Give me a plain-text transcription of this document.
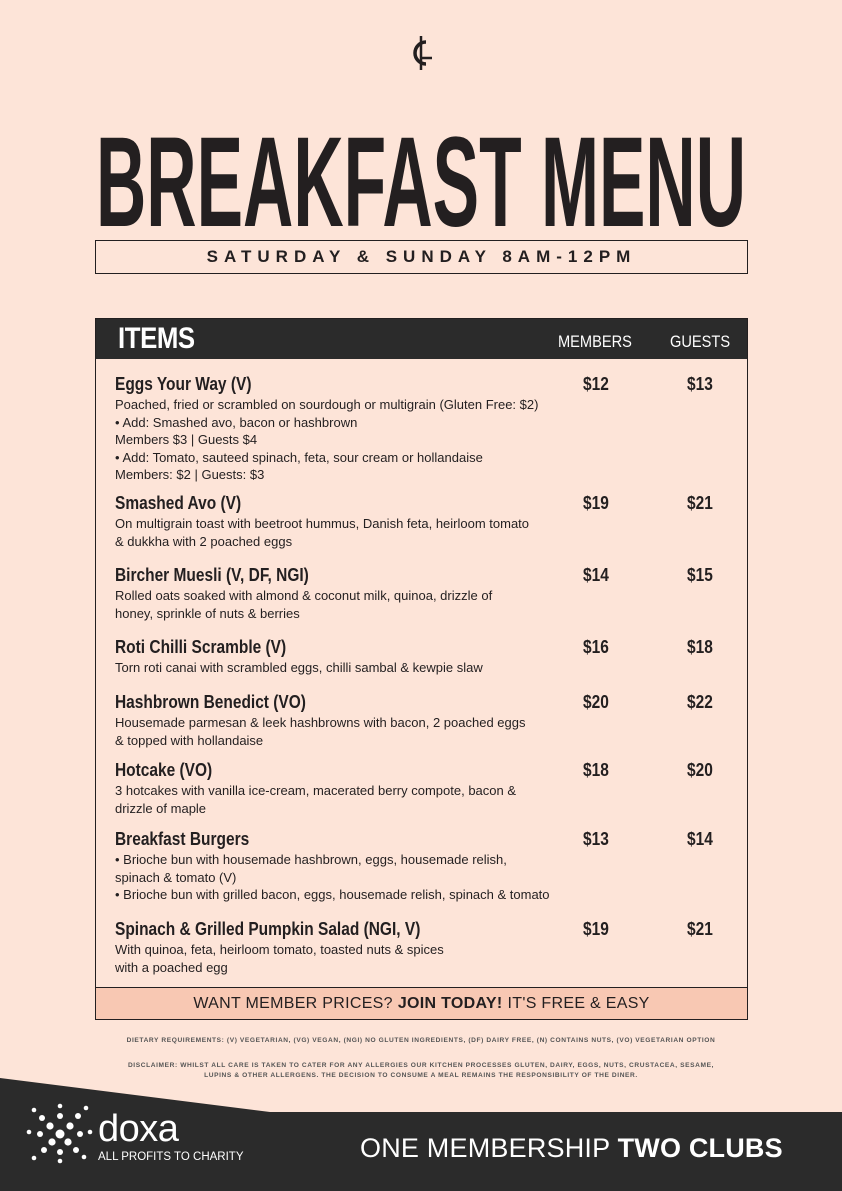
BREAKFAST MENU
SATURDAY & SUNDAY 8AM-12PM
ITEMS	MEMBERS GUESTS
Eggs Your Way (V)
Poached, fried or scrambled on sourdough or multigrain (Gluten Free: $2)
• Add: Smashed avo, bacon or hashbrown
Members $3 | Guests $4
• Add: Tomato, sauteed spinach, feta, sour cream or hollandaise
Members: $2 | Guests: $3
$12	$13
Smashed Avo (V)
On multigrain toast with beetroot hummus, Danish feta, heirloom tomato
& dukkha with 2 poached eggs
$19	$21
Bircher Muesli (V, DF, NGI)
Rolled oats soaked with almond & coconut milk, quinoa, drizzle of
honey, sprinkle of nuts & berries
$14	$15
Roti Chilli Scramble (V)
Torn roti canai with scrambled eggs, chilli sambal & kewpie slaw
$16	$18
Hashbrown Benedict (VO)
Housemade parmesan & leek hashbrowns with bacon, 2 poached eggs
& topped with hollandaise
$20	$22
Hotcake (VO)
3 hotcakes with vanilla ice-cream, macerated berry compote, bacon &
drizzle of maple
$18	$20
Breakfast Burgers
• Brioche bun with housemade hashbrown, eggs, housemade relish,
spinach & tomato (V)
• Brioche bun with grilled bacon, eggs, housemade relish, spinach & tomato
$13	$14
Spinach & Grilled Pumpkin Salad (NGI, V)
With quinoa, feta, heirloom tomato, toasted nuts & spices
with a poached egg
$19	$21
WANT MEMBER PRICES? JOIN TODAY! IT'S FREE & EASY
DIETARY REQUIREMENTS: (V) VEGETARIAN, (VG) VEGAN, (NGI) NO GLUTEN INGREDIENTS, (DF) DAIRY FREE, (N) CONTAINS NUTS, (VO) VEGETARIAN OPTION
DISCLAIMER: WHILST ALL CARE IS TAKEN TO CATER FOR ANY ALLERGIES OUR KITCHEN PROCESSES GLUTEN, DAIRY, EGGS, NUTS, CRUSTACEA, SESAME, LUPINS & OTHER ALLERGENS. THE DECISION TO CONSUME A MEAL REMAINS THE RESPONSIBILITY OF THE DINER.
doxa
ALL PROFITS TO CHARITY	ONE MEMBERSHIP TWO CLUBS
